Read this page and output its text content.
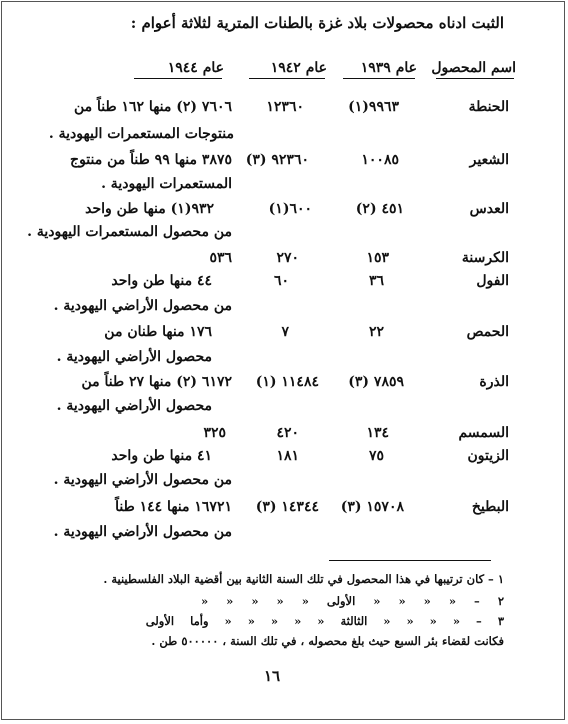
الثبت ادناه محصولات بلاد غزة بالطنات المترية لثلاثة أعوام :
اسم المحصول
عام ١٩٣٩
عام ١٩٤٢
عام ١٩٤٤
الحنطة
٩٩٦٣(١)
١٢٣٦٠
٧٦٠٦ (٢) منها ١٦٢ طناً من
منتوجات المستعمرات اليهودية .
الشعير
١٠٠٨٥
٩٢٣٦٠ (٣)
٣٨٧٥ منها ٩٩ طناً من منتوج
المستعمرات اليهودية .
العدس
٤٥١ (٢)
٦٠٠(١)
٩٣٢(١) منها طن واحد
من محصول المستعمرات اليهودية .
الكرسنة
١٥٣
٢٧٠
٥٣٦
الفول
٣٦
٦٠
٤٤ منها طن واحد
من محصول الأراضي اليهودية .
الحمص
٢٢
٧
١٧٦ منها طنان من
محصول الأراضي اليهودية .
الذرة
٧٨٥٩ (٣)
١١٤٨٤ (١)
٦١٧٢ (٢) منها ٢٧ طناً من
محصول الأراضي اليهودية .
السمسم
١٣٤
٤٢٠
٣٢٥
الزيتون
٧٥
١٨١
٤١ منها طن واحد
من محصول الأراضي اليهودية .
البطيخ
١٥٧٠٨ (٣)
١٤٣٤٤ (٣)
١٦٧٢١ منها ١٤٤ طناً
من محصول الأراضي اليهودية .
١ – كان ترتيبها في هذا المحصول في تلك السنة الثانية بين أقضية البلاد الفلسطينية .
٢ – « « « « الأولى « « « « «
٣ – « « « « الثالثة « « « « « وأما الأولى
فكانت لقضاء بئر السبع حيث بلغ محصوله ، في تلك السنة ، ٥٠٠٠٠٠ طن .
١٦
